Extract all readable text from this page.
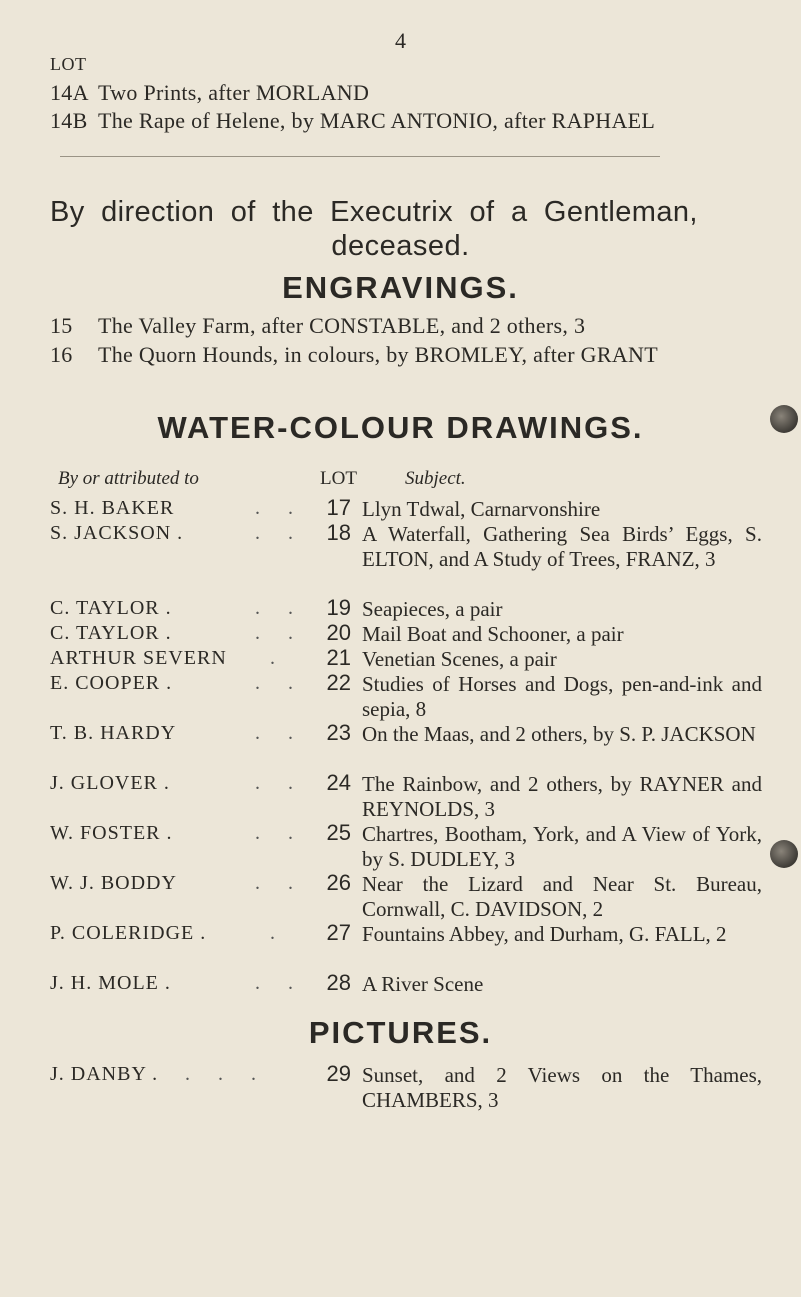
4
LOT
14A Two Prints, after MORLAND
14B The Rape of Helene, by MARC ANTONIO, after RAPHAEL
By direction of the Executrix of a Gentleman,
deceased.
ENGRAVINGS.
15 The Valley Farm, after CONSTABLE, and 2 others, 3
16 The Quorn Hounds, in colours, by BROMLEY, after GRANT
WATER-COLOUR DRAWINGS.
By or attributed to	LOT	Subject.
S. H. BAKER	.. 17 Llyn Tdwal, Carnarvonshire
S. JACKSON .	.. 18 A Waterfall, Gathering Sea Birds’ Eggs, S. ELTON, and A Study of Trees, FRANZ, 3
C. TAYLOR .	.. 19 Seapieces, a pair
C. TAYLOR .	.. 20 Mail Boat and Schooner, a pair
ARTHUR SEVERN .	21 Venetian Scenes, a pair
E. COOPER .	.. 22 Studies of Horses and Dogs, pen-and-ink and sepia, 8
T. B. HARDY	.. 23 On the Maas, and 2 others, by S. P. JACKSON
J. GLOVER .	.. 24 The Rainbow, and 2 others, by RAYNER and REYNOLDS, 3
W. FOSTER .	.. 25 Chartres, Bootham, York, and A View of York, by S. DUDLEY, 3
W. J. BODDY	.. 26 Near the Lizard and Near St. Bureau, Cornwall, C. DAVIDSON, 2
P. COLERIDGE .	.	27 Fountains Abbey, and Durham, G. FALL, 2
J. H. MOLE .	.. 28 A River Scene
PICTURES.
J. DANBY . ...	29 Sunset, and 2 Views on the Thames, CHAMBERS, 3
